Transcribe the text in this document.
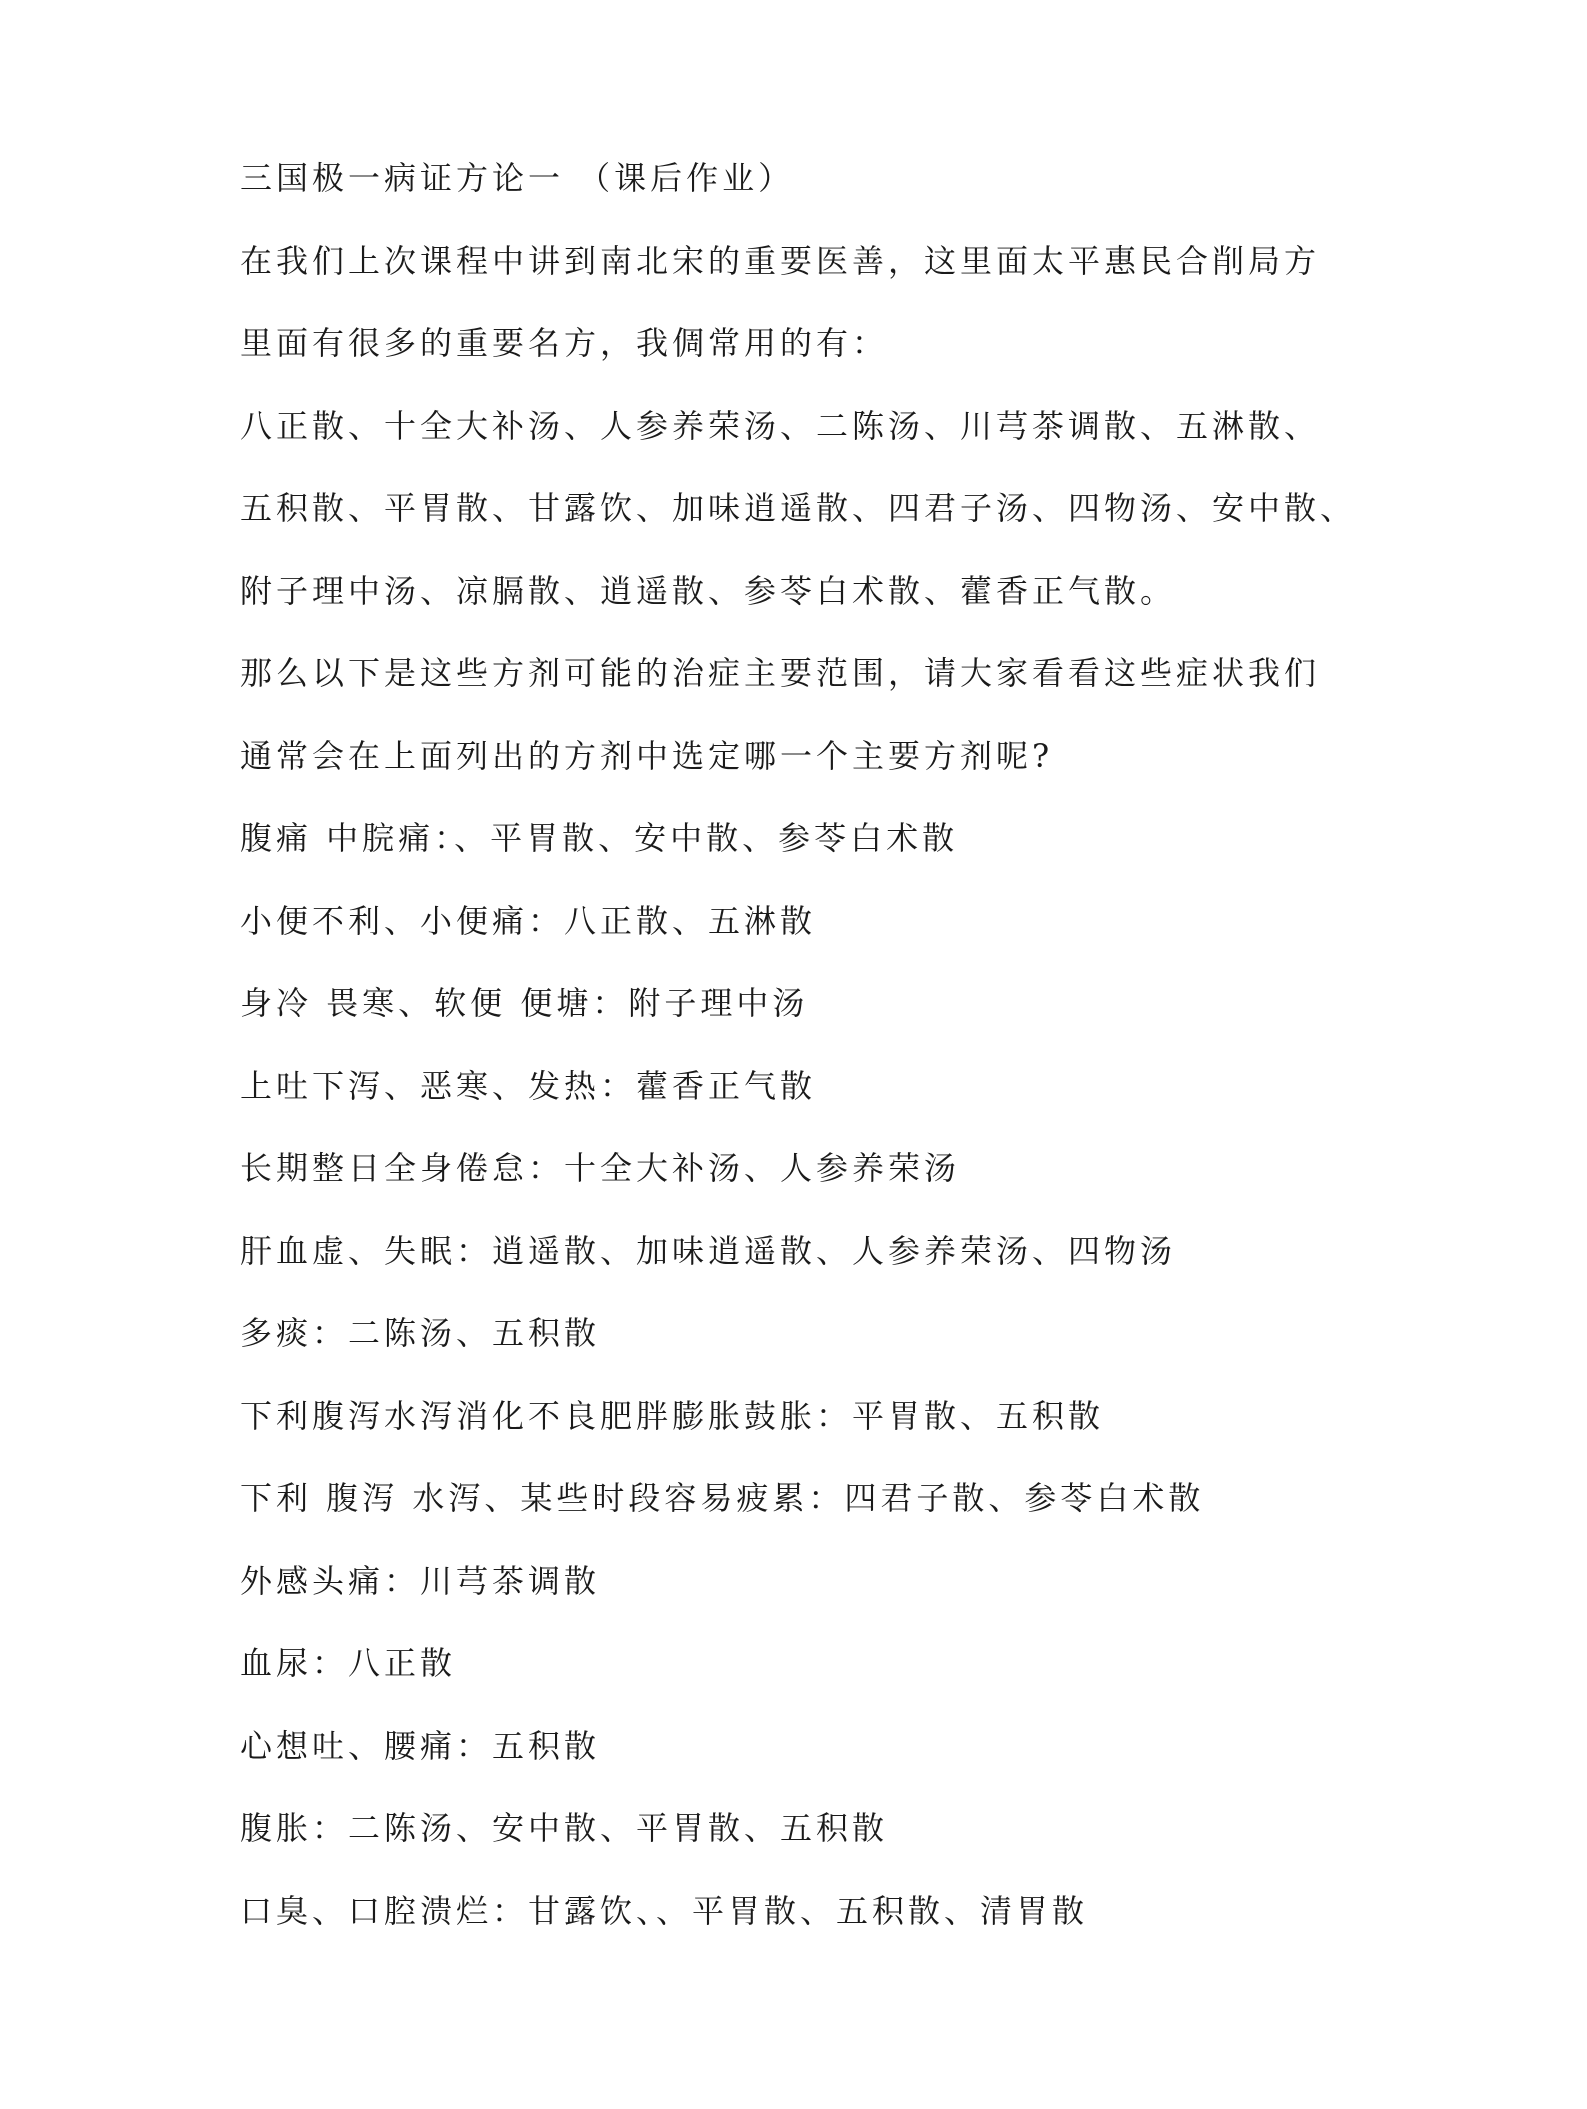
三国极一病证方论一 （课后作业）
在我们上次课程中讲到南北宋的重要医善，这里面太平惠民合削局方
里面有很多的重要名方，我倜常用的有：
八正散、十全大补汤、人参养荣汤、二陈汤、川芎茶调散、五淋散、
五积散、平胃散、甘露饮、加味逍遥散、四君子汤、四物汤、安中散、
附子理中汤、凉膈散、逍遥散、参苓白术散、藿香正气散。
那么以下是这些方剂可能的治症主要范围，请大家看看这些症状我们
通常会在上面列出的方剂中选定哪一个主要方剂呢?
腹痛 中脘痛：、平胃散、安中散、参苓白术散
小便不利、小便痛：八正散、五淋散
身冷 畏寒、软便 便塘：附子理中汤
上吐下泻、恶寒、发热：藿香正气散
长期整日全身倦怠：十全大补汤、人参养荣汤
肝血虚、失眠：逍遥散、加味逍遥散、人参养荣汤、四物汤
多痰：二陈汤、五积散
下利腹泻水泻消化不良肥胖膨胀鼓胀：平胃散、五积散
下利 腹泻 水泻、某些时段容易疲累：四君子散、参苓白术散
外感头痛：川芎茶调散
血尿：八正散
心想吐、腰痛：五积散
腹胀：二陈汤、安中散、平胃散、五积散
口臭、口腔溃烂：甘露饮、、平胃散、五积散、清胃散
